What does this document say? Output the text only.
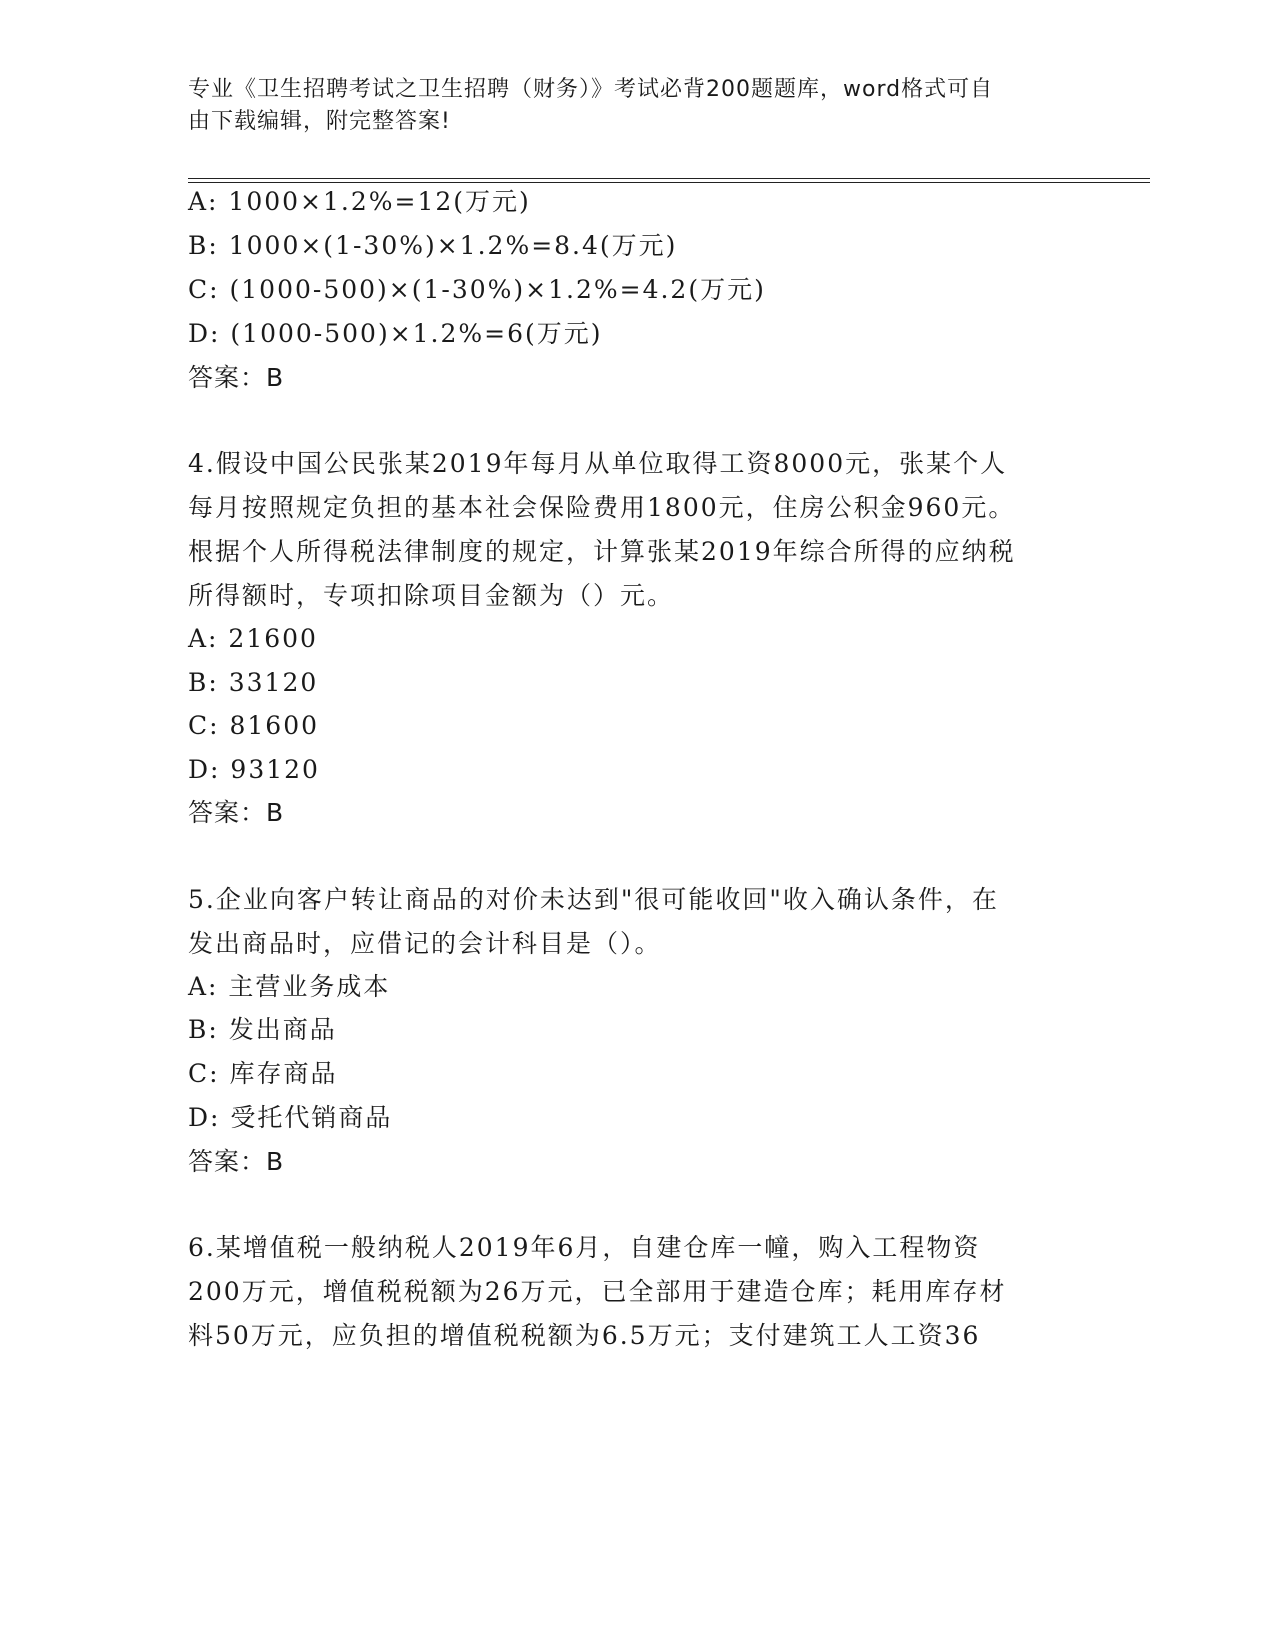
专业《卫生招聘考试之卫生招聘（财务）》考试必背200题题库，word格式可自
由下载编辑，附完整答案!
A: 1000×1.2%=12(万元)
B: 1000×(1-30%)×1.2%=8.4(万元)
C: (1000-500)×(1-30%)×1.2%=4.2(万元)
D: (1000-500)×1.2%=6(万元)
答案：B
4.假设中国公民张某2019年每月从单位取得工资8000元，张某个人
每月按照规定负担的基本社会保险费用1800元，住房公积金960元。
根据个人所得税法律制度的规定，计算张某2019年综合所得的应纳税
所得额时，专项扣除项目金额为（）元。
A: 21600
B: 33120
C: 81600
D: 93120
答案：B
5.企业向客户转让商品的对价未达到"很可能收回"收入确认条件，在
发出商品时，应借记的会计科目是（）。
A: 主营业务成本
B: 发出商品
C: 库存商品
D: 受托代销商品
答案：B
6.某增值税一般纳税人2019年6月，自建仓库一幢，购入工程物资
200万元，增值税税额为26万元，已全部用于建造仓库；耗用库存材
料50万元，应负担的增值税税额为6.5万元；支付建筑工人工资36
